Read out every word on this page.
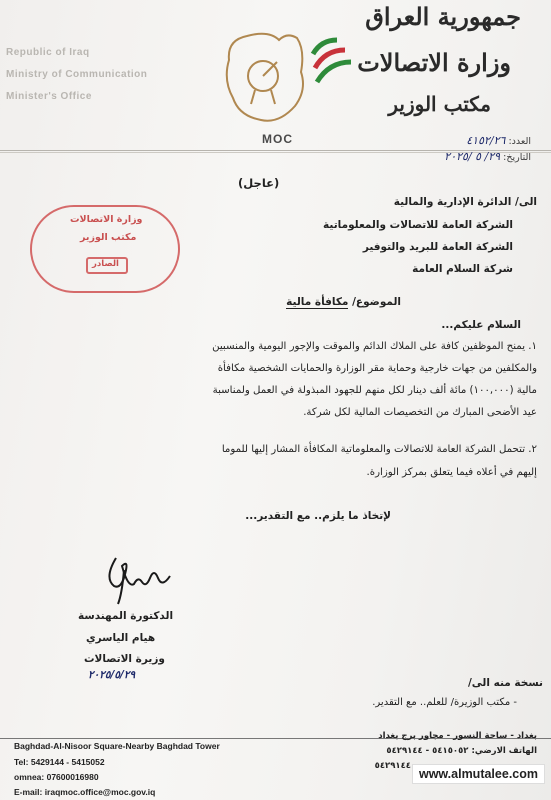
Republic of Iraq
Ministry of Communication
Minister's Office
MOC
جمهورية العراق
وزارة الاتصالات
مكتب الوزير
العدد: ٤١٥٢/٢٦
التاريخ: ٢٩/ ٥ /٢٠٢٥
(عاجل)
الى/ الدائرة الإدارية والمالية
الشركة العامة للاتصالات والمعلوماتية
الشركة العامة للبريد والتوفير
شركة السلام العامة
وزارة الاتصالات
مكتب الوزير
الصادر
الموضوع/ مكافأة مالية
السلام عليكم...
١. يمنح الموظفين كافة على الملاك الدائم والموقت والإجور اليومية والمنسبين
والمكلفين من جهات خارجية وحماية مقر الوزارة والحمايات الشخصية مكافأة
مالية (١٠٠,٠٠٠) مائة ألف دينار لكل منهم للجهود المبذولة في العمل ولمناسبة
عيد الأضحى المبارك من التخصيصات المالية لكل شركة.
٢. تتحمل الشركة العامة للاتصالات والمعلوماتية المكافأة المشار إليها للموما
إليهم في أعلاه فيما يتعلق بمركز الوزارة.
لإتخاذ ما يلزم.. مع التقدير...
الدكتورة المهندسة
هيام الياسري
وزيرة الاتصالات
٢٠٢٥/٥/٢٩
نسخة منه الى/
- مكتب الوزيرة/ للعلم.. مع التقدير.
Baghdad-Al-Nisoor Square-Nearby Baghdad Tower
Tel: 5429144 - 5415052
omnea: 07600016980
E-mail: iraqmoc.office@moc.gov.iq
بغداد - ساحة النسور - مجاور برج بغداد
الهاتف الارضي: ٥٤١٥٠٥٢ - ٥٤٢٩١٤٤
٥٤٢٩١٤٤
www.almutalee.com
